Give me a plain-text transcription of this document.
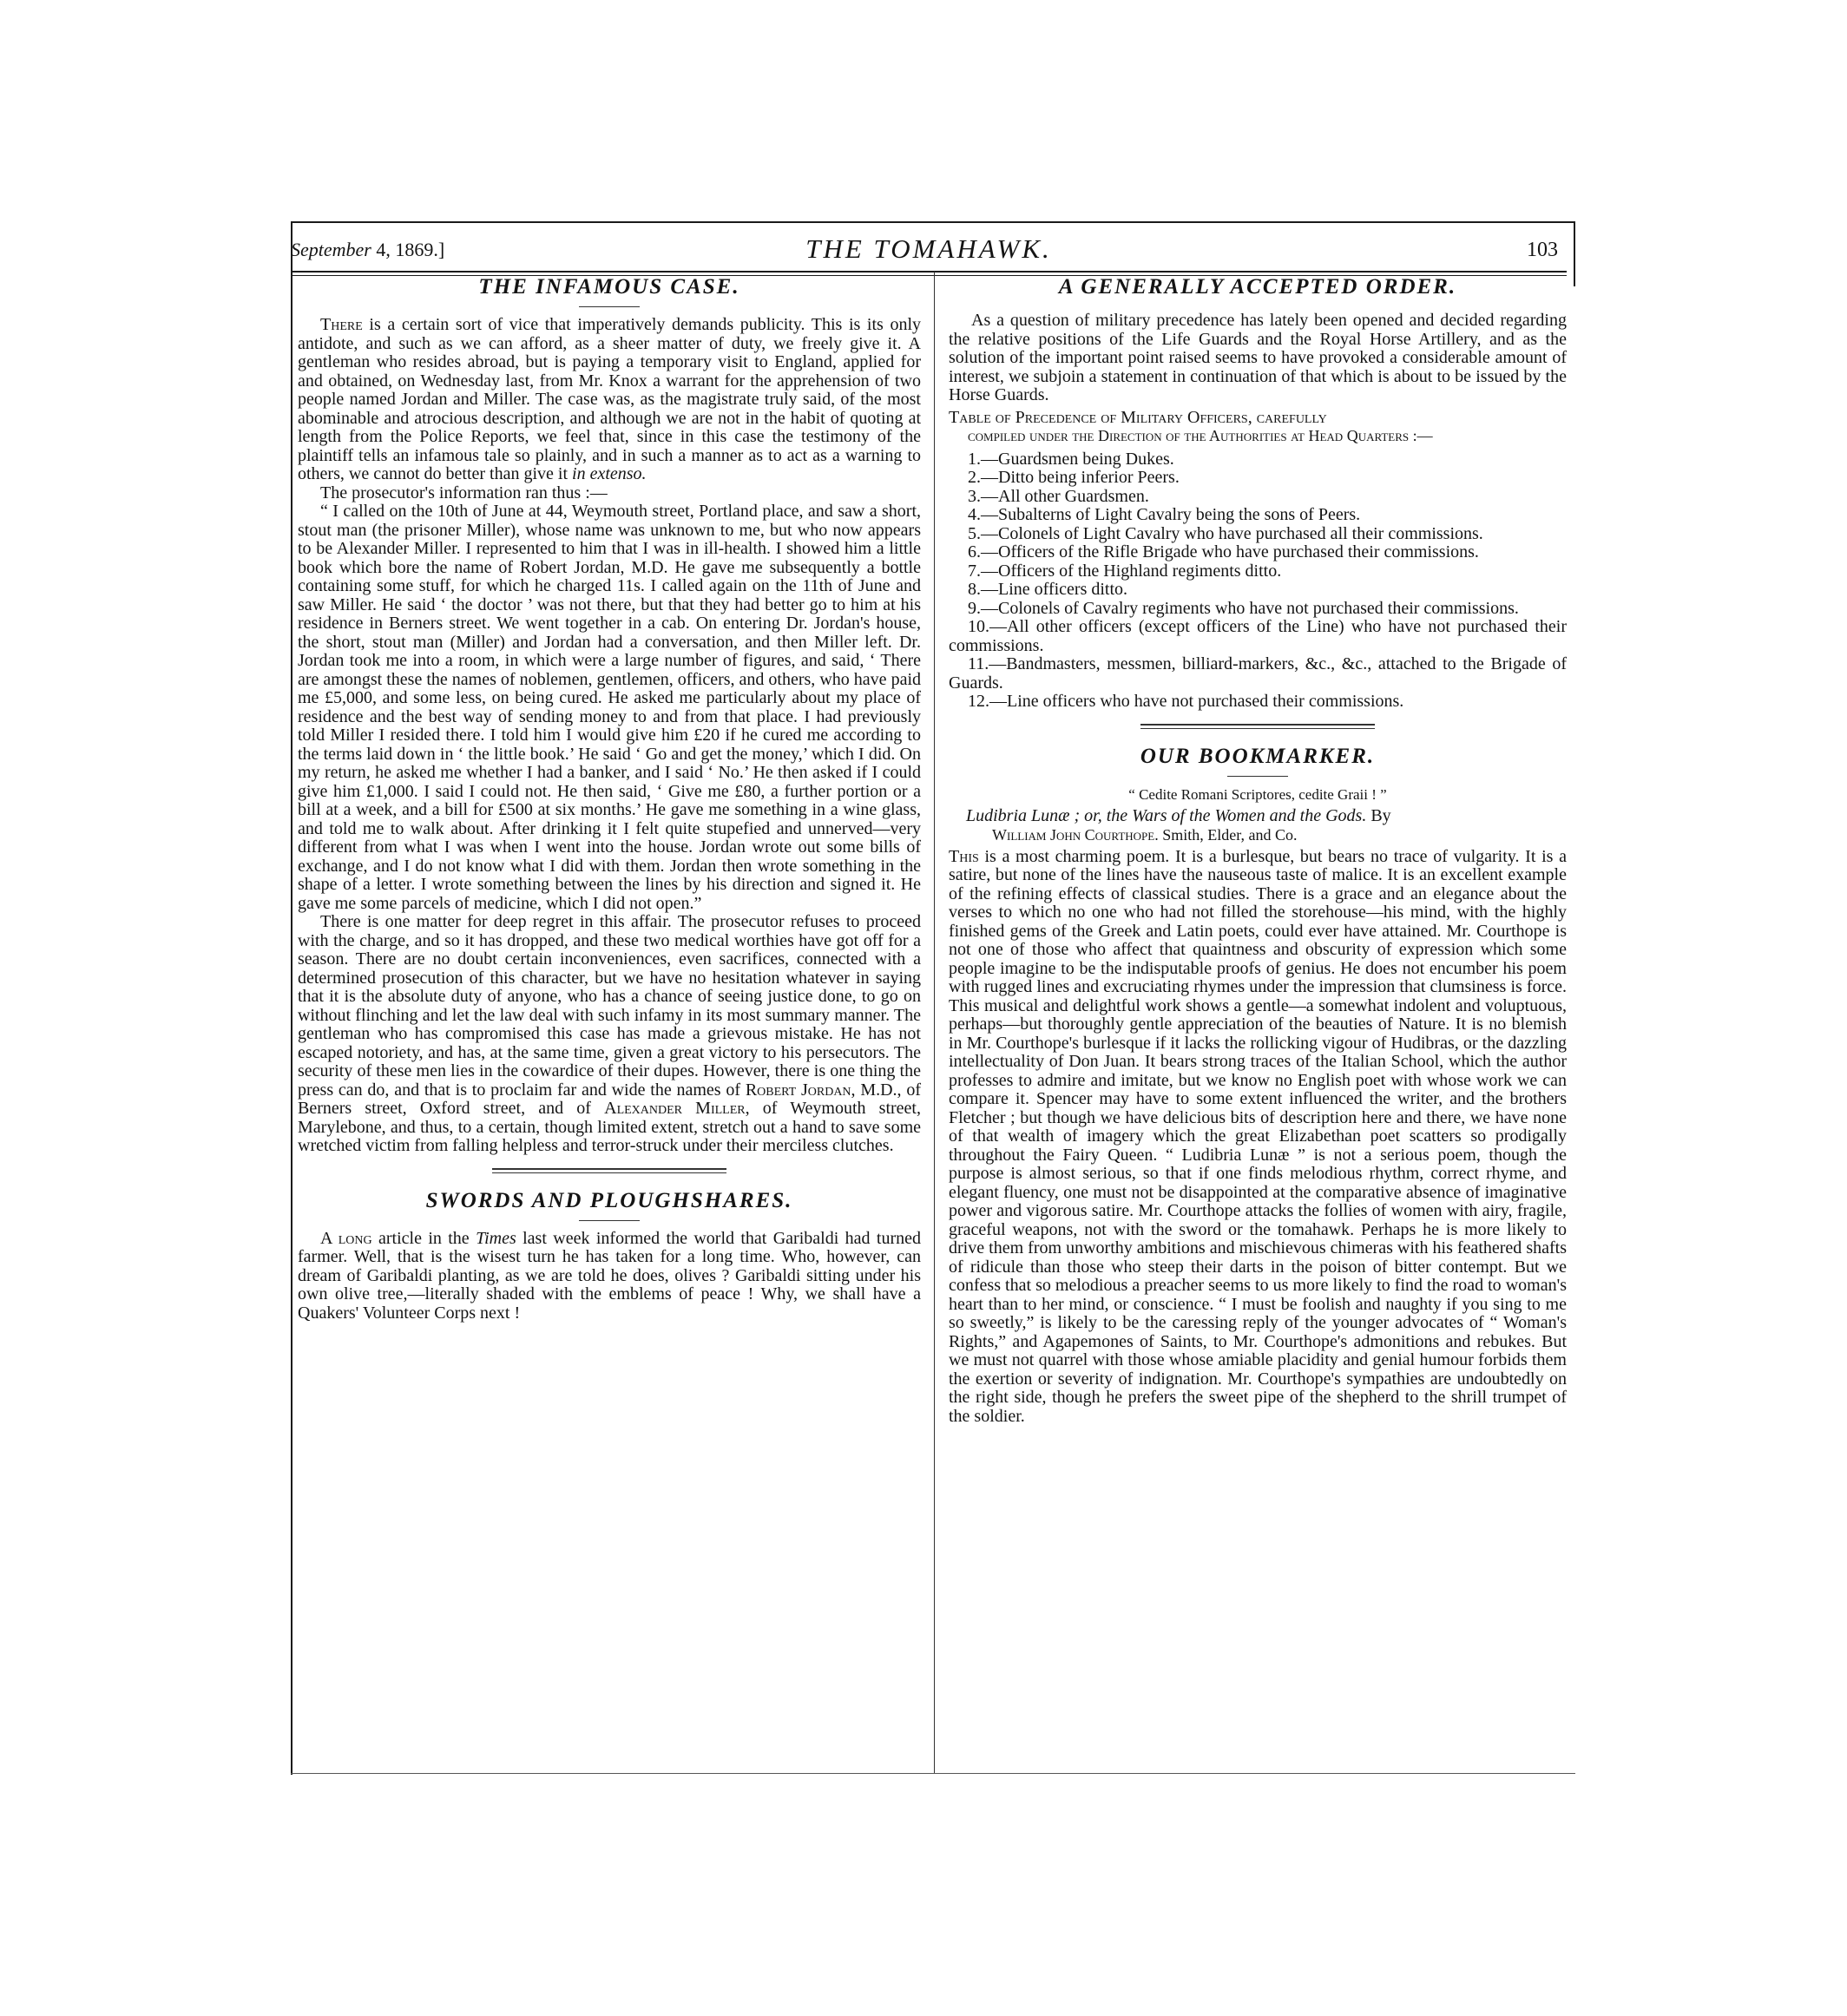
September 4, 1869.]	THE TOMAHAWK.	103
THE INFAMOUS CASE.

There is a certain sort of vice that imperatively demands publicity. This is its only antidote, and such as we can afford, as a sheer matter of duty, we freely give it. A gentleman who resides abroad, but is paying a temporary visit to England, applied for and obtained, on Wednesday last, from Mr. Knox a warrant for the apprehension of two people named Jordan and Miller. The case was, as the magistrate truly said, of the most abominable and atrocious description, and although we are not in the habit of quoting at length from the Police Reports, we feel that, since in this case the testimony of the plaintiff tells an infamous tale so plainly, and in such a manner as to act as a warning to others, we cannot do better than give it in extenso.

The prosecutor's information ran thus :—

“ I called on the 10th of June at 44, Weymouth street, Portland place, and saw a short, stout man (the prisoner Miller), whose name was unknown to me, but who now appears to be Alexander Miller. I represented to him that I was in ill-health. I showed him a little book which bore the name of Robert Jordan, M.D. He gave me subsequently a bottle containing some stuff, for which he charged 11s. I called again on the 11th of June and saw Miller. He said ‘ the doctor ’ was not there, but that they had better go to him at his residence in Berners street. We went together in a cab. On entering Dr. Jordan's house, the short, stout man (Miller) and Jordan had a conversation, and then Miller left. Dr. Jordan took me into a room, in which were a large number of figures, and said, ‘ There are amongst these the names of noblemen, gentlemen, officers, and others, who have paid me £5,000, and some less, on being cured. He asked me particularly about my place of residence and the best way of sending money to and from that place. I had previously told Miller I resided there. I told him I would give him £20 if he cured me according to the terms laid down in ‘ the little book.’ He said ‘ Go and get the money,’ which I did. On my return, he asked me whether I had a banker, and I said ‘ No.’ He then asked if I could give him £1,000. I said I could not. He then said, ‘ Give me £80, a further portion or a bill at a week, and a bill for £500 at six months.’ He gave me something in a wine glass, and told me to walk about. After drinking it I felt quite stupefied and unnerved—very different from what I was when I went into the house. Jordan wrote out some bills of exchange, and I do not know what I did with them. Jordan then wrote something in the shape of a letter. I wrote something between the lines by his direction and signed it. He gave me some parcels of medicine, which I did not open.”

There is one matter for deep regret in this affair. The prosecutor refuses to proceed with the charge, and so it has dropped, and these two medical worthies have got off for a season. There are no doubt certain inconveniences, even sacrifices, connected with a determined prosecution of this character, but we have no hesitation whatever in saying that it is the absolute duty of anyone, who has a chance of seeing justice done, to go on without flinching and let the law deal with such infamy in its most summary manner. The gentleman who has compromised this case has made a grievous mistake. He has not escaped notoriety, and has, at the same time, given a great victory to his persecutors. The security of these men lies in the cowardice of their dupes. However, there is one thing the press can do, and that is to proclaim far and wide the names of Robert Jordan, M.D., of Berners street, Oxford street, and of Alexander Miller, of Weymouth street, Marylebone, and thus, to a certain, though limited extent, stretch out a hand to save some wretched victim from falling helpless and terror-struck under their merciless clutches.

SWORDS AND PLOUGHSHARES.

A long article in the Times last week informed the world that Garibaldi had turned farmer. Well, that is the wisest turn he has taken for a long time. Who, however, can dream of Garibaldi planting, as we are told he does, olives ? Garibaldi sitting under his own olive tree,—literally shaded with the emblems of peace ! Why, we shall have a Quakers' Volunteer Corps next !

A GENERALLY ACCEPTED ORDER.

As a question of military precedence has lately been opened and decided regarding the relative positions of the Life Guards and the Royal Horse Artillery, and as the solution of the important point raised seems to have provoked a considerable amount of interest, we subjoin a statement in continuation of that which is about to be issued by the Horse Guards.

Table of Precedence of Military Officers, carefully
compiled under the Direction of the Authorities at Head Quarters :—
1.—Guardsmen being Dukes.
2.—Ditto being inferior Peers.
3.—All other Guardsmen.
4.—Subalterns of Light Cavalry being the sons of Peers.
5.—Colonels of Light Cavalry who have purchased all their commissions.
6.—Officers of the Rifle Brigade who have purchased their commissions.
7.—Officers of the Highland regiments ditto.
8.—Line officers ditto.
9.—Colonels of Cavalry regiments who have not purchased their commissions.
10.—All other officers (except officers of the Line) who have not purchased their commissions.
11.—Bandmasters, messmen, billiard-markers, &c., &c., attached to the Brigade of Guards.
12.—Line officers who have not purchased their commissions.
OUR BOOKMARKER.
“ Cedite Romani Scriptores, cedite Graii ! ”
Ludibria Lunæ ; or, the Wars of the Women and the Gods. By
William John Courthope. Smith, Elder, and Co.

This is a most charming poem. It is a burlesque, but bears no trace of vulgarity. It is a satire, but none of the lines have the nauseous taste of malice. It is an excellent example of the refining effects of classical studies. There is a grace and an elegance about the verses to which no one who had not filled the storehouse—his mind, with the highly finished gems of the Greek and Latin poets, could ever have attained. Mr. Courthope is not one of those who affect that quaintness and obscurity of expression which some people imagine to be the indisputable proofs of genius. He does not encumber his poem with rugged lines and excruciating rhymes under the impression that clumsiness is force. This musical and delightful work shows a gentle—a somewhat indolent and voluptuous, perhaps—but thoroughly gentle appreciation of the beauties of Nature. It is no blemish in Mr. Courthope's burlesque if it lacks the rollicking vigour of Hudibras, or the dazzling intellectuality of Don Juan. It bears strong traces of the Italian School, which the author professes to admire and imitate, but we know no English poet with whose work we can compare it. Spencer may have to some extent influenced the writer, and the brothers Fletcher ; but though we have delicious bits of description here and there, we have none of that wealth of imagery which the great Elizabethan poet scatters so prodigally throughout the Fairy Queen. “ Ludibria Lunæ ” is not a serious poem, though the purpose is almost serious, so that if one finds melodious rhythm, correct rhyme, and elegant fluency, one must not be disappointed at the comparative absence of imaginative power and vigorous satire. Mr. Courthope attacks the follies of women with airy, fragile, graceful weapons, not with the sword or the tomahawk. Perhaps he is more likely to drive them from unworthy ambitions and mischievous chimeras with his feathered shafts of ridicule than those who steep their darts in the poison of bitter contempt. But we confess that so melodious a preacher seems to us more likely to find the road to woman's heart than to her mind, or conscience. “ I must be foolish and naughty if you sing to me so sweetly,” is likely to be the caressing reply of the younger advocates of “ Woman's Rights,” and Agapemones of Saints, to Mr. Courthope's admonitions and rebukes. But we must not quarrel with those whose amiable placidity and genial humour forbids them the exertion or severity of indignation. Mr. Courthope's sympathies are undoubtedly on the right side, though he prefers the sweet pipe of the shepherd to the shrill trumpet of the soldier.
